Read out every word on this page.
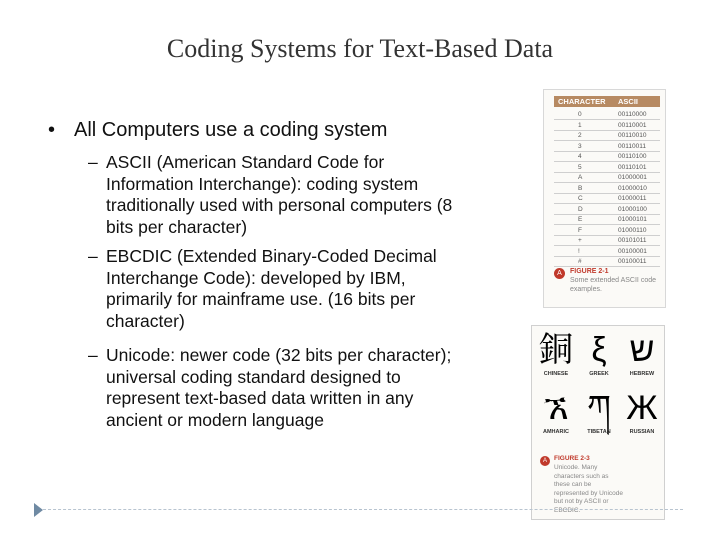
Coding Systems for Text-Based Data
• All Computers use a coding system
– ASCII (American Standard Code for Information Interchange): coding system traditionally used with personal computers (8 bits per character)
– EBCDIC (Extended Binary-Coded Decimal Interchange Code): developed by IBM, primarily for mainframe use. (16 bits per character)
– Unicode: newer code (32 bits per character); universal coding standard designed to represent text-based data written in any ancient or modern language
CHARACTER ASCII
0	00110000
1	00110001
2	00110010
3	00110011
4	00110100
5	00110101
A	01000001
B	01000010
C	01000011
D	01000100
E	01000101
F	01000110
+	00101011
!	00100001
#	00100011
A	FIGURE 2-1
Some extended ASCII code examples.
銅
CHINESE
ξ
GREEK
ש
HEBREW
ኧ
AMHARIC
ཀ
TIBETAN
Ж
RUSSIAN
A	FIGURE 2-3
Unicode. Many characters such as these can be represented by Unicode but not by ASCII or EBCDIC.
